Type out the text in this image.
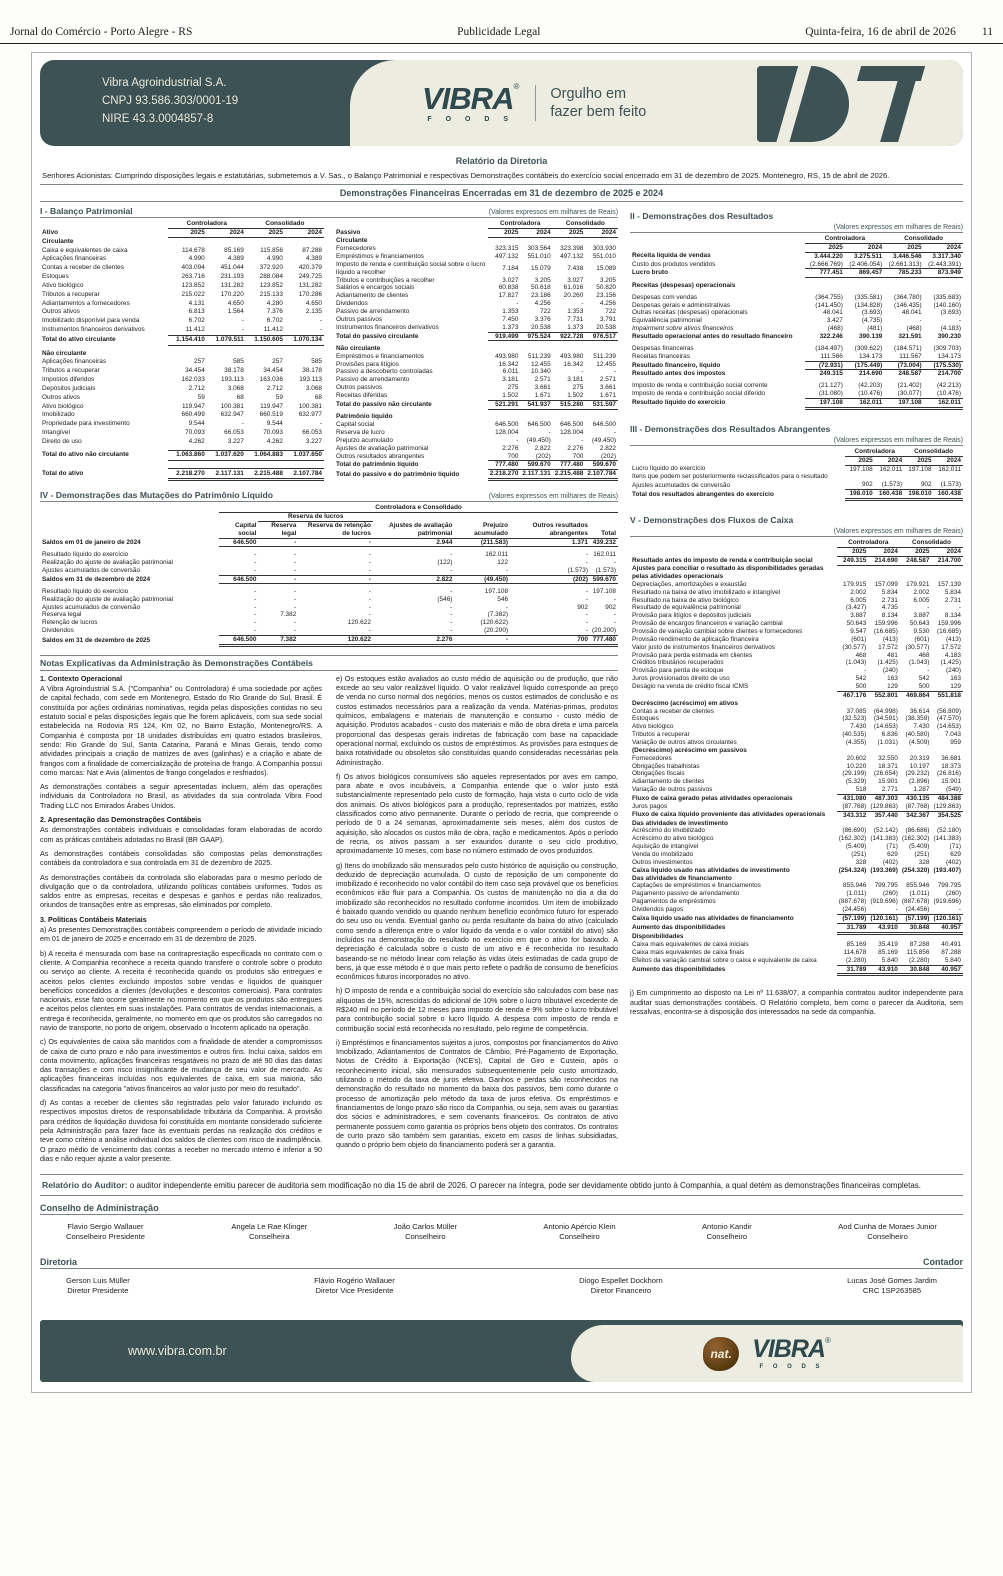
Jornal do Comércio - Porto Alegre - RS	Publicidade Legal	Quinta-feira, 16 de abril de 2026 11
Vibra Agroindustrial S.A.
CNPJ 93.586.303/0001-19
NIRE 43.3.0004857-8
VIBRA®
F O O D S
Orgulho em
fazer bem feito
Relatório da Diretoria
Senhores Acionistas: Cumprindo disposições legais e estatutárias, submetemos a V. Sas., o Balanço Patrimonial e respectivas Demonstrações contábeis do exercício social encerrado em 31 de dezembro de 2025. Montenegro, RS, 15 de abril de 2026.
Demonstrações Financeiras Encerradas em 31 de dezembro de 2025 e 2024
I - Balanço Patrimonial	(Valores expressos em milhares de Reais)
	Controladora		Consolidado	
Ativo	2025	2024	2025	2024
Circulante				
Caixa e equivalentes de caixa	114.678	85.169	115.856	87.288
Aplicações financeiras	4.990	4.389	4.990	4.389
Contas a receber de clientes	403.094	451.044	372.920	420.379
Estoques	263.716	231.193	288.084	249.725
Ativo biológico	123.852	131.282	123.852	131.282
Tributos a recuperar	215.022	170.220	215.133	170.286
Adiantamentos a fornecedores	4.131	4.650	4.280	4.650
Outros ativos	6.813	1.564	7.376	2.135
Imobilizado disponível para venda	6.702	-	6.702	-
Instrumentos financeiros derivativos	11.412	-	11.412	-
Total do ativo circulante	1.154.410	1.079.511	1.150.605	1.070.134

Não circulante				
Aplicações financeiras	257	585	257	585
Tributos a recuperar	34.454	38.178	34.454	38.178
Impostos diferidos	162.033	193.113	163.036	193.113
Depósitos judiciais	2.712	3.068	2.712	3.068
Outros ativos	59	68	59	68
Ativo biológico	119.947	100.381	119.947	100.381
Imobilizado	660.499	632.947	660.519	632.977
Propriedade para investimento	9.544	-	9.544	-
Intangível	70.093	66.053	70.093	66.053
Direito de uso	4.262	3.227	4.262	3.227

Total do ativo não circulante	1.063.860	1.037.620	1.064.883	1.037.650

Total do ativo	2.218.270	2.117.131	2.215.488	2.107.784
	Controladora		Consolidado	
Passivo	2025	2024	2025	2024
Circulante				
Fornecedores	323.315	303.564	323.398	303.930
Empréstimos e financiamentos	497.132	551.010	497.132	551.010
Imposto de renda e contribuição social sobre o lucro líquido a recolher	7.184	15.079	7.438	15.089
Tributos e contribuições a recolher	3.027	3.205	3.027	3.205
Salários e encargos sociais	60.838	50.618	61.016	50.820
Adiantamento de clientes	17.827	23.186	20.260	23.156
Dividendos	-	4.256	-	4.256
Passivo de arrendamento	1.353	722	1.353	722
Outros passivos	7.450	3.376	7.731	3.791
Instrumentos financeiros derivativos	1.373	20.538	1.373	20.538
Total do passivo circulante	919.499	975.524	922.728	976.517

Não circulante				
Empréstimos e financiamentos	493.980	511.239	493.980	511.239
Provisões para litígios	16.342	12.455	16.342	12.455
Passivo a descoberto controladas	6.011	10.340	-	-
Passivo de arrendamento	3.181	2.571	3.181	2.571
Outros passivos	275	3.661	275	3.661
Receitas diferidas	1.502	1.671	1.502	1.671
Total do passivo não circulante	521.291	541.937	515.280	531.597

Patrimônio líquido				
Capital social	646.500	646.500	646.500	646.500
Reserva de lucro	128.004	-	128.004	-
Prejuízo acumulado	-	(49.450)	-	(49.450)
Ajustes de avaliação patrimonial	2.276	2.822	2.276	2.822
Outros resultados abrangentes	700	(202)	700	(202)
Total do patrimônio líquido	777.480	599.670	777.480	599.670
Total do passivo e do patrimônio líquido	2.218.270	2.117.131	2.215.488	2.107.784
IV - Demonstrações das Mutações do Patrimônio Líquido	(Valores expressos em milhares de Reais)
	Controladora e Consolidado						
		Reserva de lucros					
	Capital social	Reserva legal	Reserva de retenção de lucros	Ajustes de avaliação patrimonial	Prejuízo acumulado	Outros resultados abrangentes	Total
Saldos em 01 de janeiro de 2024	646.500	-	-	2.944	(211.583)	1.371	439.232

Resultado líquido do exercício	-	-	-	-	162.011	-	162.011
Realização do ajuste de avaliação patrimonial	-	-	-	(122)	122	-	-
Ajustes acumulados de conversão	-	-	-	-	-	(1.573)	(1.573)
Saldos em 31 de dezembro de 2024	646.500	-	-	2.822	(49.450)	(202)	599.670

Resultado líquido do exercício	-	-	-	-	197.108	-	197.108
Realização do ajuste de avaliação patrimonial	-	-	-	(546)	546	-	-
Ajustes acumulados de conversão	-	-	-	-	-	902	902
Reserva legal	-	7.382	-	-	(7.382)	-	-
Retenção de lucros	-	-	120.622	-	(120.622)	-	-
Dividendos	-	-	-	-	(20.200)	-	(20.200)
Saldos em 31 de dezembro de 2025	646.500	7.382	120.622	2.276	-	700	777.480
Notas Explicativas da Administração às Demonstrações Contábeis

1. Contexto Operacional

A Vibra Agroindustrial S.A. ("Companhia" ou Controladora) é uma sociedade por ações de capital fechado, com sede em Montenegro, Estado do Rio Grande do Sul, Brasil. É constituída por ações ordinárias nominativas, regida pelas disposições contidas no seu estatuto social e pelas disposições legais que lhe forem aplicáveis, com sua sede social estabelecida na Rodovia RS 124, Km 02, no Bairro Estação, Montenegro/RS. A Companhia é composta por 18 unidades distribuídas em quatro estados brasileiros, sendo: Rio Grande do Sul, Santa Catarina, Paraná e Minas Gerais, tendo como atividades principais a criação de matrizes de aves (galinhas) e a criação e abate de frangos com a finalidade de comercialização de proteína de frango. A Companhia possui como marcas: Nat e Avia (alimentos de frango congelados e resfriados).

As demonstrações contábeis a seguir apresentadas incluem, além das operações individuais da Controladora no Brasil, as atividades da sua controlada Vibra Food Trading LLC nos Emirados Árabes Unidos.

2. Apresentação das Demonstrações Contábeis

As demonstrações contábeis individuais e consolidadas foram elaboradas de acordo com as práticas contábeis adotadas no Brasil (BR GAAP).

As demonstrações contábeis consolidadas são compostas pelas demonstrações contábeis da controladora e sua controlada em 31 de dezembro de 2025.

As demonstrações contábeis da controlada são elaboradas para o mesmo período de divulgação que o da controladora, utilizando políticas contábeis uniformes. Todos os saldos entre as empresas, receitas e despesas e ganhos e perdas não realizados, oriundos de transações entre as empresas, são eliminados por completo.

3. Políticas Contábeis Materiais

a) As presentes Demonstrações contábeis compreendem o período de atividade iniciado em 01 de janeiro de 2025 e encerrado em 31 de dezembro de 2025.

b) A receita é mensurada com base na contraprestação especificada no contrato com o cliente. A Companhia reconhece a receita quando transfere o controle sobre o produto ou serviço ao cliente. A receita é reconhecida quando os produtos são entregues e aceitos pelos clientes excluindo impostos sobre vendas e líquidos de quaisquer benefícios concedidos a clientes (devoluções e descontos comerciais). Para contratos nacionais, esse fato ocorre geralmente no momento em que os produtos são entregues e aceitos pelos clientes em suas instalações. Para contratos de vendas internacionais, a entrega é reconhecida, geralmente, no momento em que os produtos são carregados no navio de transporte, no porto de origem, observado o Incoterm aplicado na operação.

c) Os equivalentes de caixa são mantidos com a finalidade de atender a compromissos de caixa de curto prazo e não para investimentos e outros fins. Inclui caixa, saldos em conta movimento, aplicações financeiras resgatáveis no prazo de até 90 dias das datas das transações e com risco insignificante de mudança de seu valor de mercado. As aplicações financeiras incluídas nos equivalentes de caixa, em sua maioria, são classificadas na categoria "ativos financeiros ao valor justo por meio do resultado".

d) As contas a receber de clientes são registradas pelo valor faturado incluindo os respectivos impostos diretos de responsabilidade tributária da Companhia. A provisão para créditos de liquidação duvidosa foi constituída em montante considerado suficiente pela Administração para fazer face às eventuais perdas na realização dos créditos e teve como critério a análise individual dos saldos de clientes com risco de inadimplência. O prazo médio de vencimento das contas a receber no mercado interno é inferior a 90 dias e não requer ajuste a valor presente.

e) Os estoques estão avaliados ao custo médio de aquisição ou de produção, que não excede ao seu valor realizável líquido. O valor realizável líquido corresponde ao preço de venda no curso normal dos negócios, menos os custos estimados de conclusão e os custos estimados necessários para a realização da venda. Matérias-primas, produtos químicos, embalagens e materiais de manutenção e consumo - custo médio de aquisição. Produtos acabados - custo dos materiais e mão de obra direta e uma parcela proporcional das despesas gerais indiretas de fabricação com base na capacidade operacional normal, excluindo os custos de empréstimos. As provisões para estoques de baixa rotatividade ou obsoletos são constituídas quando consideradas necessárias pela Administração.

f) Os ativos biológicos consumíveis são aqueles representados por aves em campo, para abate e ovos incubáveis, a Companhia entende que o valor justo está substancialmente representado pelo custo de formação, haja vista o curto ciclo de vida dos animais. Os ativos biológicos para a produção, representados por matrizes, estão classificados como ativo permanente. Durante o período de recria, que compreende o período de 0 a 24 semanas, aproximadamente seis meses, além dos custos de aquisição, são alocados os custos mão de obra, ração e medicamentos. Após o período de recria, os ativos passam a ser exauridos durante o seu ciclo produtivo, aproximadamente 10 meses, com base no número estimado de ovos produzidos.

g) Itens do imobilizado são mensurados pelo custo histórico de aquisição ou construção, deduzido de depreciação acumulada. O custo de reposição de um componente do imobilizado é reconhecido no valor contábil do item caso seja provável que os benefícios econômicos irão fluir para a Companhia. Os custos de manutenção no dia a dia do imobilizado são reconhecidos no resultado conforme incorridos. Um item de imobilizado é baixado quando vendido ou quando nenhum benefício econômico futuro for esperado do seu uso ou venda. Eventual ganho ou perda resultante da baixa do ativo (calculado como sendo a diferença entre o valor líquido da venda e o valor contábil do ativo) são incluídos na demonstração do resultado no exercício em que o ativo for baixado. A depreciação é calculada sobre o custo de um ativo e é reconhecida no resultado baseando-se no método linear com relação às vidas úteis estimadas de cada grupo de bens, já que esse método é o que mais perto reflete o padrão de consumo de benefícios econômicos futuros incorporados no ativo.

h) O imposto de renda e a contribuição social do exercício são calculados com base nas alíquotas de 15%, acrescidas do adicional de 10% sobre o lucro tributável excedente de R$240 mil no período de 12 meses para imposto de renda e 9% sobre o lucro tributável para contribuição social sobre o lucro líquido. A despesa com imposto de renda e contribuição social está reconhecida no resultado, pelo regime de competência.

i) Empréstimos e financiamentos sujeitos a juros, compostos por financiamentos do Ativo Imobilizado, Adiantamentos de Contratos de Câmbio, Pré-Pagamento de Exportação, Notas de Crédito à Exportação (NCE's), Capital de Giro e Custeio, após o reconhecimento inicial, são mensurados subsequentemente pelo custo amortizado, utilizando o método da taxa de juros efetiva. Ganhos e perdas são reconhecidos na demonstração do resultado no momento da baixa dos passivos, bem como durante o processo de amortização pelo método da taxa de juros efetiva. Os empréstimos e financiamentos de longo prazo são risco da Companhia, ou seja, sem avais ou garantias dos sócios e administradores, e sem covenants financeiros. Os contratos de ativo permanente possuem como garantia os próprios bens objeto dos contratos. Os contratos de curto prazo são também sem garantias, exceto em casos de linhas subsidiadas, quando o próprio bem objeto do financiamento poderá ser a garantia.

II - Demonstrações dos Resultados
(Valores expressos em milhares de Reais)
	Controladora		Consolidado	
	2025	2024	2025	2024
Receita líquida de vendas	3.444.220	3.275.511	3.446.546	3.317.340
Custo dos produtos vendidos	(2.666.769)	(2.406.054)	(2.661.313)	(2.443.391)
Lucro bruto	777.451	869.457	785.233	873.949

Receitas (despesas) operacionais				

Despesas com vendas	(364.755)	(335.581)	(364.780)	(335.683)
Despesas gerais e administrativas	(141.450)	(134.828)	(146.435)	(140.160)
Outras receitas (despesas) operacionais	48.041	(3.693)	48.041	(3.693)
Equivalência patrimonial	3.427	(4.735)	-	-
Impairment sobre ativos financeiros	(468)	(481)	(468)	(4.183)
Resultado operacional antes do resultado financeiro	322.246	390.139	321.591	390.230

Despesas financeiras	(184.497)	(309.622)	(184.571)	(309.703)
Receitas financeiras	111.566	134.173	111.567	134.173
Resultado financeiro, líquido	(72.931)	(175.449)	(73.004)	(175.530)
Resultado antes dos impostos	249.315	214.690	248.587	214.700

Imposto de renda e contribuição social corrente	(21.127)	(42.203)	(21.402)	(42.213)
Imposto de renda e contribuição social diferido	(31.080)	(10.476)	(30.077)	(10.476)
Resultado líquido do exercício	197.108	162.011	197.108	162.011
III - Demonstrações dos Resultados Abrangentes
(Valores expressos em milhares de Reais)
	Controladora		Consolidado	
	2025	2024	2025	2024
Lucro líquido do exercício	197.108	162.011	197.108	162.011
Itens que podem ser posteriormente reclassificados para o resultado				
Ajustes acumulados de conversão	902	(1.573)	902	(1.573)
Total dos resultados abrangentes do exercício	198.010	160.438	198.010	160.438
V - Demonstrações dos Fluxos de Caixa
(Valores expressos em milhares de Reais)
	Controladora		Consolidado	
	2025	2024	2025	2024
Resultado antes do imposto de renda e contribuição social	249.315	214.690	248.587	214.700
Ajustes para conciliar o resultado às disponibilidades geradas pelas atividades operacionais				
Depreciações, amortizações e exaustão	179.915	157.099	179.921	157.139
Resultado na baixa de ativo imobilizado e intangível	2.002	5.834	2.002	5.834
Resultado na baixa de ativo biológico	6.005	2.731	6.005	2.731
Resultado de equivalência patrimonial	(3.427)	4.735	-	-
Provisão para litígios e depósitos judiciais	3.887	8.134	3.887	8.134
Provisão de encargos financeiros e variação cambial	50.643	159.996	50.643	159.996
Provisão de variação cambial sobre clientes e fornecedores	9.547	(16.685)	9.530	(16.685)
Provisão rendimento de aplicação financeira	(601)	(413)	(601)	(413)
Valor justo de instrumentos financeiros derivativos	(30.577)	17.572	(30.577)	17.572
Provisão para perda estimada em clientes	468	481	468	4.183
Créditos tributários recuperados	(1.043)	(1.425)	(1.043)	(1.425)
Provisão para perda de estoque	-	(240)	-	(240)
Juros provisionados direito de uso	542	163	542	163
Deságio na venda de crédito fiscal ICMS	500	129	500	129
	467.176	552.801	469.864	551.818
Decréscimo (acréscimo) em ativos				
Contas a receber de clientes	37.085	(64.998)	36.614	(56.809)
Estoques	(32.523)	(34.591)	(38.359)	(47.570)
Ativo biológico	7.430	(14.653)	7.430	(14.653)
Tributos a recuperar	(40.535)	6.836	(40.580)	7.043
Variação de outros ativos circulantes	(4.355)	(1.031)	(4.509)	959
(Decréscimo) acréscimo em passivos				
Fornecedores	20.602	32.550	20.319	36.681
Obrigações trabalhistas	10.220	18.371	10.197	18.373
Obrigações fiscais	(29.199)	(26.654)	(29.232)	(26.816)
Adiantamento de clientes	(5.329)	15.901	(2.896)	15.901
Variação de outros passivos	518	2.771	1.287	(549)
Fluxo de caixa gerado pelas atividades operacionais	431.080	487.303	430.135	484.388
Juros pagos	(87.768)	(129.863)	(87.768)	(129.863)
Fluxo de caixa líquido proveniente das atividades operacionais	343.312	357.440	342.367	354.525
Das atividades de investimento				
Acréscimo do imobilizado	(86.690)	(52.142)	(86.686)	(52.180)
Acréscimo do ativo biológico	(162.302)	(141.383)	(162.302)	(141.383)
Aquisição de intangível	(5.409)	(71)	(5.409)	(71)
Venda do imobilizado	(251)	629	(251)	629
Outros investimentos	328	(402)	328	(402)
Caixa líquido usado nas atividades de investimento	(254.324)	(193.369)	(254.320)	(193.407)
Das atividades de financiamento				
Captações de empréstimos e financiamentos	855.946	799.795	855.946	799.795
Pagamento passivo de arrendamento	(1.011)	(260)	(1.011)	(260)
Pagamentos de empréstimos	(887.678)	(919.696)	(887.678)	(919.696)
Dividendos pagos	(24.456)	-	(24.456)	-
Caixa líquido usado nas atividades de financiamento	(57.199)	(120.161)	(57.199)	(120.161)
Aumento das disponibilidades	31.789	43.910	30.848	40.957
Disponibilidades				
Caixa mais equivalentes de caixa iniciais	85.169	35.419	87.288	40.491
Caixa mais equivalentes de caixa finais	114.678	85.169	115.856	87.288
Efeitos da variação cambial sobre o caixa e equivalente de caixa	(2.280)	5.840	(2.280)	5.840
Aumento das disponibilidades	31.789	43.910	30.848	40.957
j) Em cumprimento ao disposto na Lei nº 11.638/07, a companhia contratou auditor independente para auditar suas demonstrações contábeis. O Relatório completo, bem como o parecer da Auditoria, sem ressalvas, encontra-se à disposição dos interessados na sede da companhia.
Relatório do Auditor: o auditor independente emitiu parecer de auditoria sem modificação no dia 15 de abril de 2026. O parecer na íntegra, pode ser devidamente obtido junto à Companhia, a qual detém as demonstrações financeiras completas.
Conselho de Administração
Flavio Sergio Wallauer
Conselheiro Presidente
Angela Le Rae Klinger
Conselheira
João Carlos Müller
Conselheiro
Antonio Apércio Klein
Conselheiro
Antonio Kandir
Conselheiro
Aod Cunha de Moraes Junior
Conselheiro
Diretoria	Contador
Gerson Luis Müller
Diretor Presidente
Flávio Rogério Wallauer
Diretor Vice Presidente
Diogo Espellet Dockhorn
Diretor Financeiro
Lucas José Gomes Jardim
CRC 1SP263585
www.vibra.com.br	nat. VIBRA®
F O O D S
